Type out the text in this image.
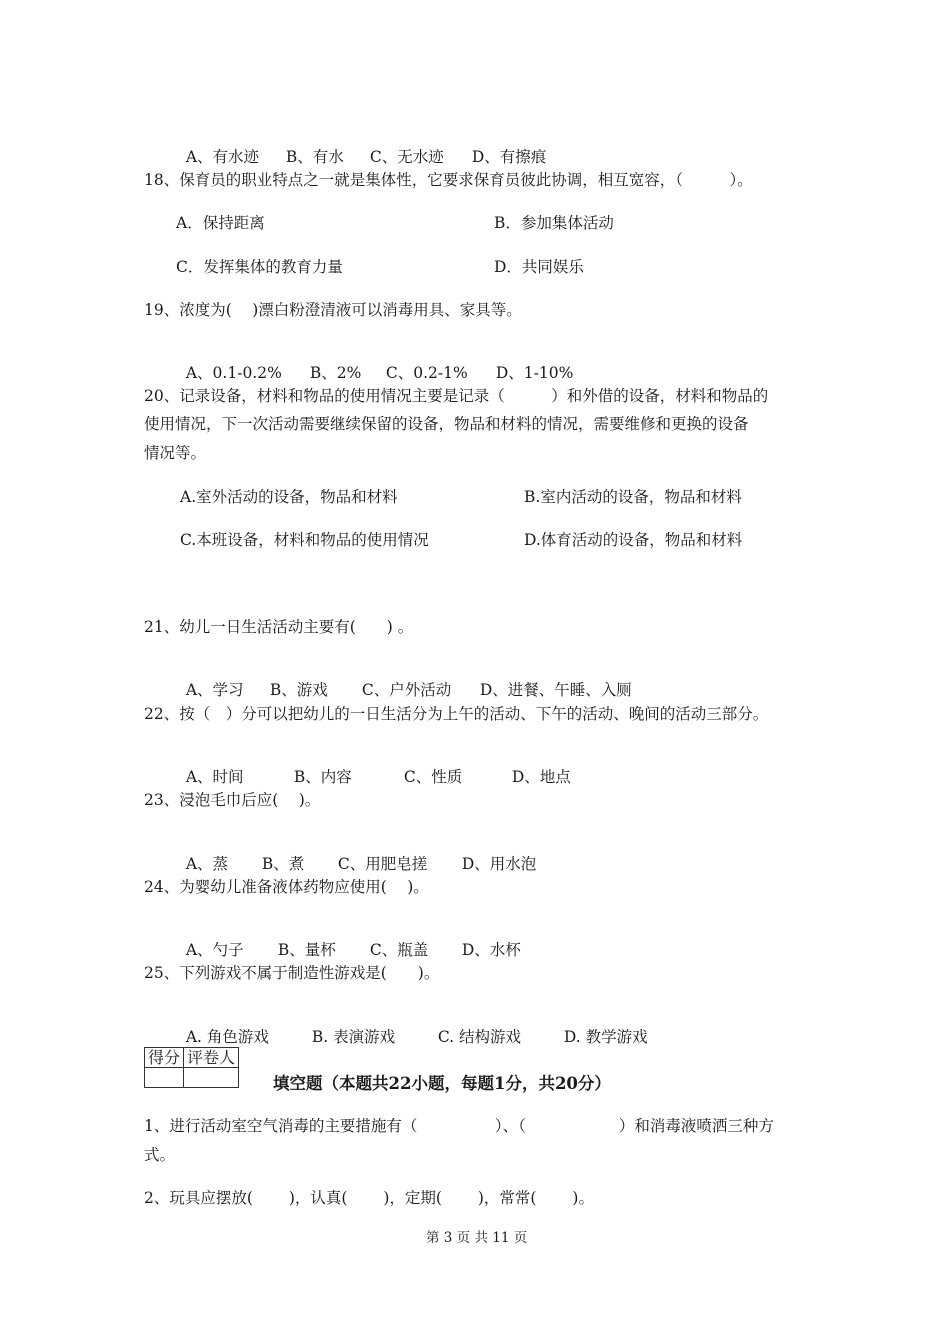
A、有水迹 B、有水 C、无水迹 D、有擦痕

18、保育员的职业特点之一就是集体性，它要求保育员彼此协调，相互宽容，（　　　）。
A．保持距离	B．参加集体活动
C．发挥集体的教育力量	D．共同娱乐
19、浓度为(　 )漂白粉澄清液可以消毒用具、家具等。

A、0.1-0.2% B、2% C、0.2-1% D、1-10%

20、记录设备，材料和物品的使用情况主要是记录（　　　）和外借的设备，材料和物品的
使用情况，下一次活动需要继续保留的设备，物品和材料的情况，需要维修和更换的设备
情况等。
A.室外活动的设备，物品和材料	B.室内活动的设备，物品和材料
C.本班设备，材料和物品的使用情况	D.体育活动的设备，物品和材料
21、幼儿一日生活活动主要有(　　) 。

A、学习 B、游戏 C、户外活动 D、进餐、午睡、入厕

22、按（　）分可以把幼儿的一日生活分为上午的活动、下午的活动、晚间的活动三部分。

A、时间	B、内容	C、性质	D、地点

23、浸泡毛巾后应(　 )。

A、蒸 B、煮 C、用肥皂搓 D、用水泡

24、为婴幼儿准备液体药物应使用(　 )。

A、勺子 B、量杯 C、瓶盖 D、水杯

25、下列游戏不属于制造性游戏是(　　)。

A. 角色游戏	B. 表演游戏	C. 结构游戏	D. 教学游戏

得分	评卷人

填空题（本题共22小题，每题1分，共20分）
1、进行活动室空气消毒的主要措施有（　　　　　）、（　　　　　　）和消毒液喷洒三种方
式。
2、玩具应摆放(　　 )，认真(　　 )，定期(　　 )，常常(　　 )。
第 3 页 共 11 页
